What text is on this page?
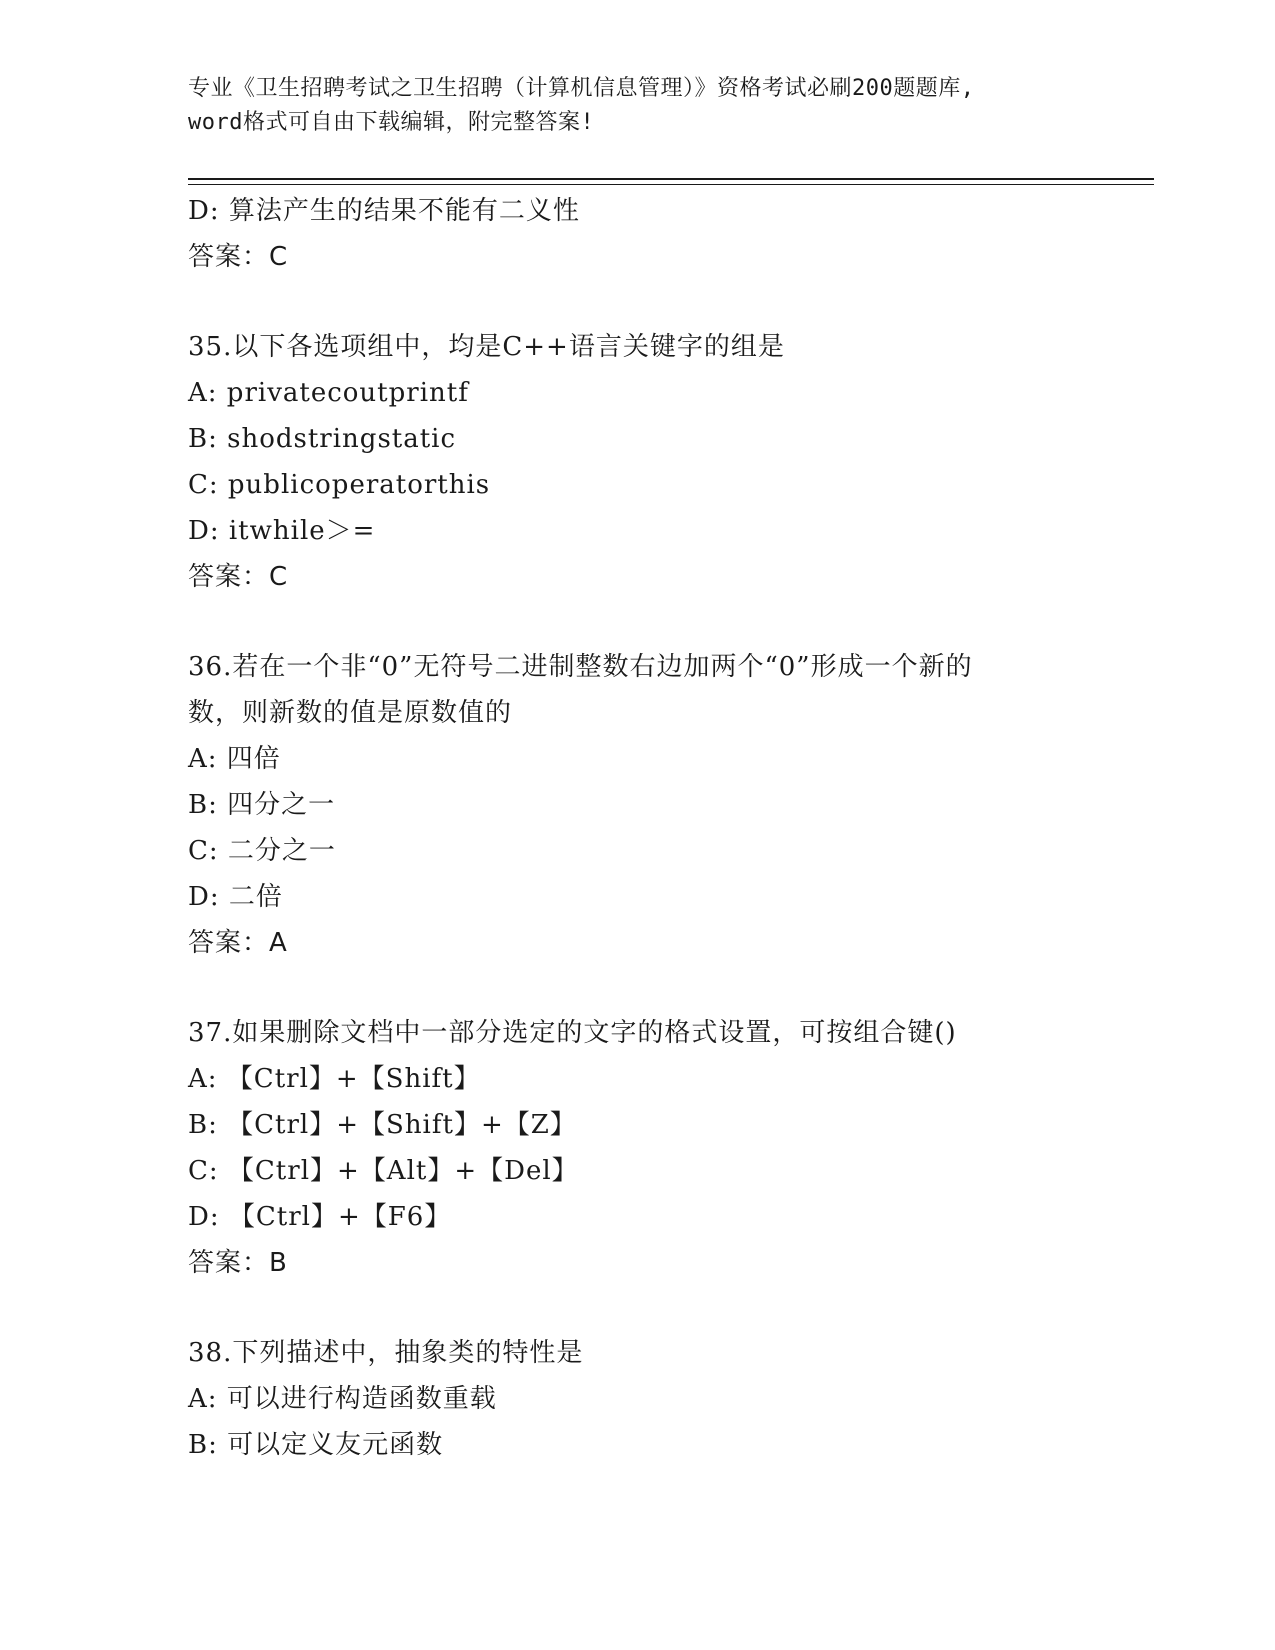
专业《卫生招聘考试之卫生招聘（计算机信息管理）》资格考试必刷200题题库,
word格式可自由下载编辑，附完整答案!
D: 算法产生的结果不能有二义性
答案：C
35.以下各选项组中，均是C++语言关键字的组是
A: privatecoutprintf
B: shodstringstatic
C: publicoperatorthis
D: itwhile＞=
答案：C
36.若在一个非“0”无符号二进制整数右边加两个“0”形成一个新的
数，则新数的值是原数值的
A: 四倍
B: 四分之一
C: 二分之一
D: 二倍
答案：A
37.如果删除文档中一部分选定的文字的格式设置，可按组合键()
A: 【Ctrl】+【Shift】
B: 【Ctrl】+【Shift】+【Z】
C: 【Ctrl】+【Alt】+【Del】
D: 【Ctrl】+【F6】
答案：B
38.下列描述中，抽象类的特性是
A: 可以进行构造函数重载
B: 可以定义友元函数
